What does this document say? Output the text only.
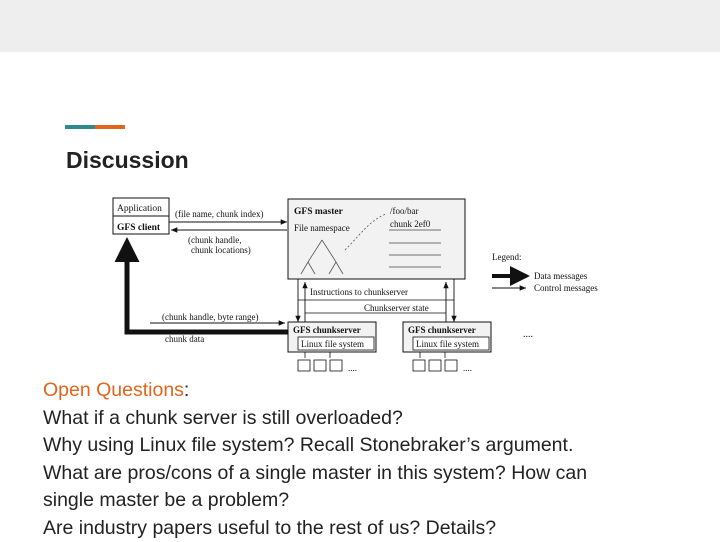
Discussion
Application
GFS client
(file name, chunk index)
(chunk handle,
chunk locations)
GFS master
File namespace
/foo/bar
chunk 2ef0
Instructions to chunkserver
Chunkserver state
(chunk handle, byte range)
chunk data
GFS chunkserver
Linux file system
....
GFS chunkserver
Linux file system
....
....
Legend:
Data messages
Control messages
Open Questions:
What if a chunk server is still overloaded?
Why using Linux file system? Recall Stonebraker’s argument.
What are pros/cons of a single master in this system? How can
single master be a problem?
Are industry papers useful to the rest of us? Details?
